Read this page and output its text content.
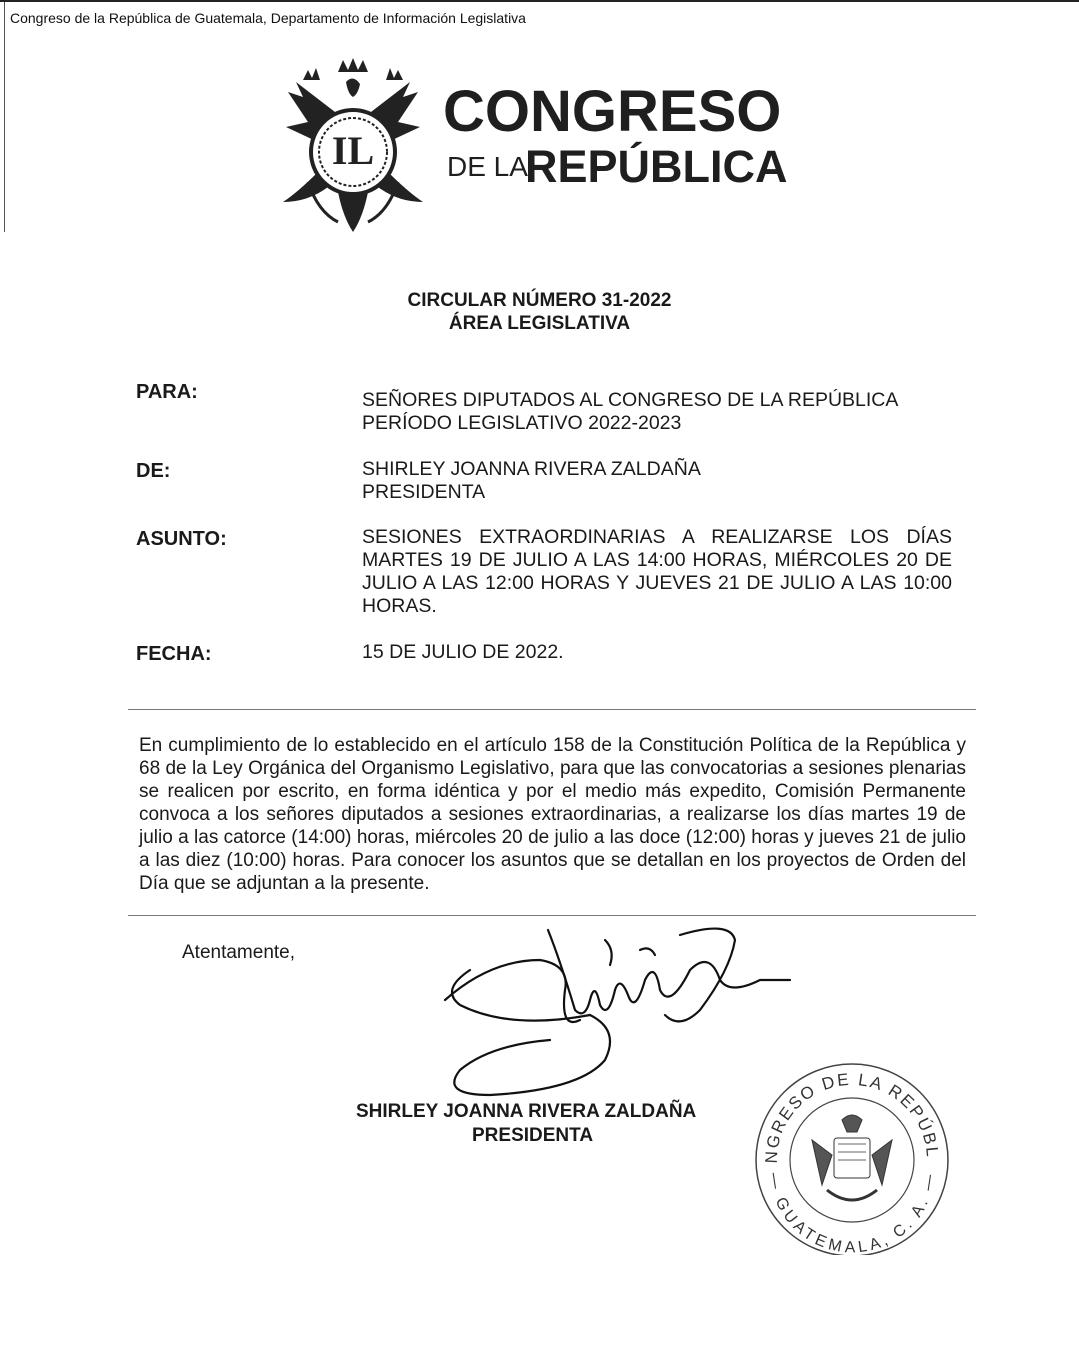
Congreso de la República de Guatemala, Departamento de Información Legislativa
IL
CONGRESO
DE LA
REPÚBLICA
CIRCULAR NÚMERO 31-2022
ÁREA LEGISLATIVA
PARA:	SEÑORES DIPUTADOS AL CONGRESO DE LA REPÚBLICA
PERÍODO LEGISLATIVO 2022-2023
DE:	SHIRLEY JOANNA RIVERA ZALDAÑA
PRESIDENTA
ASUNTO:	SESIONES EXTRAORDINARIAS A REALIZARSE LOS DÍAS MARTES 19 DE JULIO A LAS 14:00 HORAS, MIÉRCOLES 20 DE JULIO A LAS 12:00 HORAS Y JUEVES 21 DE JULIO A LAS 10:00 HORAS.
FECHA:	15 DE JULIO DE 2022.
En cumplimiento de lo establecido en el artículo 158 de la Constitución Política de la República y 68 de la Ley Orgánica del Organismo Legislativo, para que las convocatorias a sesiones plenarias se realicen por escrito, en forma idéntica y por el medio más expedito, Comisión Permanente convoca a los señores diputados a sesiones extraordinarias, a realizarse los días martes 19 de julio a las catorce (14:00) horas, miércoles 20 de julio a las doce (12:00) horas y jueves 21 de julio a las diez (10:00) horas. Para conocer los asuntos que se detallan en los proyectos de Orden del Día que se adjuntan a la presente.
Atentamente,
SHIRLEY JOANNA RIVERA ZALDAÑA
PRESIDENTA
NGRESO DE LA REPÚBL
— GUATEMALA, C. A. —
